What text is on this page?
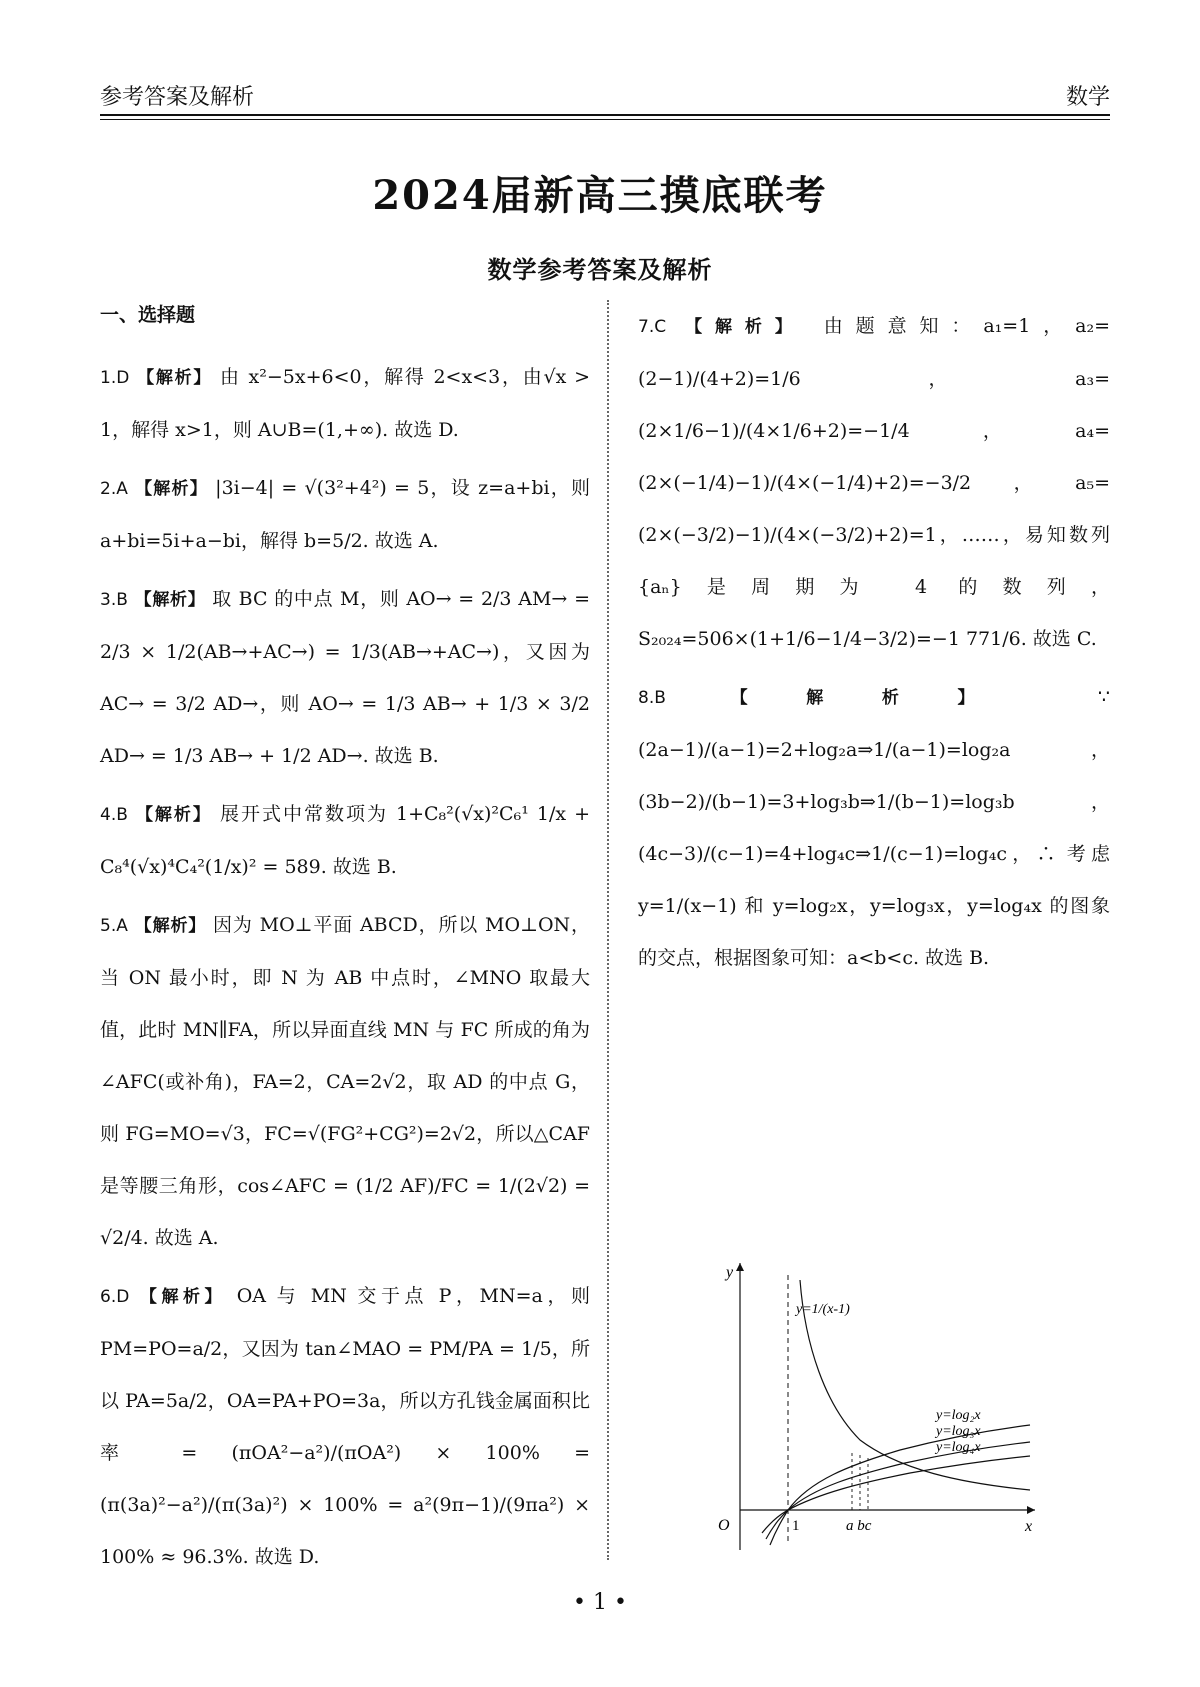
参考答案及解析	数学
2024届新高三摸底联考
数学参考答案及解析
一、选择题
1.D 【解析】 由 x²−5x+6<0，解得 2<x<3，由√x > 1，解得 x>1，则 A∪B=(1,+∞). 故选 D.
2.A 【解析】 |3i−4| = √(3²+4²) = 5，设 z=a+bi，则 a+bi=5i+a−bi，解得 b=5/2. 故选 A.
3.B 【解析】 取 BC 的中点 M，则 AO→ = 2/3 AM→ = 2/3 × 1/2(AB→+AC→) = 1/3(AB→+AC→)，又因为 AC→ = 3/2 AD→，则 AO→ = 1/3 AB→ + 1/3 × 3/2 AD→ = 1/3 AB→ + 1/2 AD→. 故选 B.
4.B 【解析】 展开式中常数项为 1+C₈²(√x)²C₆¹ 1/x + C₈⁴(√x)⁴C₄²(1/x)² = 589. 故选 B.
5.A 【解析】 因为 MO⊥平面 ABCD，所以 MO⊥ON，当 ON 最小时，即 N 为 AB 中点时，∠MNO 取最大值，此时 MN∥FA，所以异面直线 MN 与 FC 所成的角为∠AFC(或补角)，FA=2，CA=2√2，取 AD 的中点 G，则 FG=MO=√3，FC=√(FG²+CG²)=2√2，所以△CAF 是等腰三角形，cos∠AFC = (1/2 AF)/FC = 1/(2√2) = √2/4. 故选 A.
6.D 【解析】 OA 与 MN 交于点 P，MN=a，则 PM=PO=a/2，又因为 tan∠MAO = PM/PA = 1/5，所以 PA=5a/2，OA=PA+PO=3a，所以方孔钱金属面积比率 = (πOA²−a²)/(πOA²) × 100% = (π(3a)²−a²)/(π(3a)²) × 100% = a²(9π−1)/(9πa²) × 100% ≈ 96.3%. 故选 D.
7.C 【解析】 由题意知：a₁=1，a₂=(2−1)/(4+2)=1/6，a₃=(2×1/6−1)/(4×1/6+2)=−1/4，a₄=(2×(−1/4)−1)/(4×(−1/4)+2)=−3/2，a₅=(2×(−3/2)−1)/(4×(−3/2)+2)=1，……，易知数列{aₙ}是周期为 4 的数列，S₂₀₂₄=506×(1+1/6−1/4−3/2)=−1 771/6. 故选 C.
8.B	【解析】	∵ (2a−1)/(a−1)=2+log₂a⇒1/(a−1)=log₂a，(3b−2)/(b−1)=3+log₃b⇒1/(b−1)=log₃b，(4c−3)/(c−1)=4+log₄c⇒1/(c−1)=log₄c，∴ 考虑 y=1/(x−1) 和 y=log₂x，y=log₃x，y=log₄x 的图象的交点，根据图象可知：a<b<c. 故选 B.
y
x
O	1	a bc
y=1/(x-1)
y=log₂x
y=log₃x
y=log₄x
• 1 •
